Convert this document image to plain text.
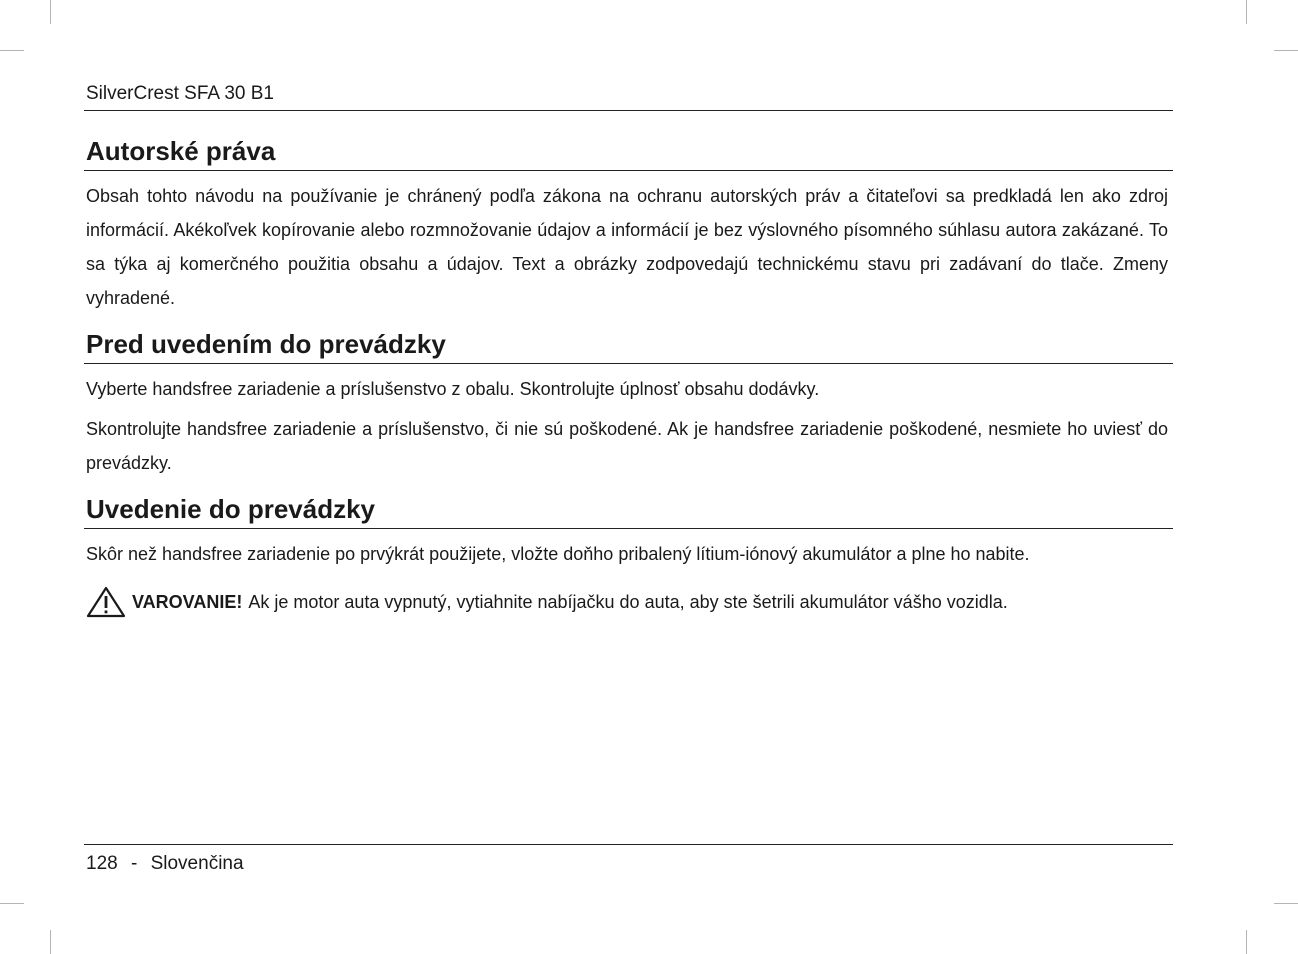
SilverCrest SFA 30 B1
Autorské práva

Obsah tohto návodu na používanie je chránený podľa zákona na ochranu autorských práv a čitateľovi sa predkladá len ako zdroj informácií. Akékoľvek kopírovanie alebo rozmnožovanie údajov a informácií je bez výslovného písomného súhlasu autora zakázané. To sa týka aj komerčného použitia obsahu a údajov. Text a obrázky zodpovedajú technickému stavu pri zadávaní do tlače. Zmeny vyhradené.

Pred uvedením do prevádzky

Vyberte handsfree zariadenie a príslušenstvo z obalu. Skontrolujte úplnosť obsahu dodávky.

Skontrolujte handsfree zariadenie a príslušenstvo, či nie sú poškodené. Ak je handsfree zariadenie poškodené, nesmiete ho uviesť do prevádzky.

Uvedenie do prevádzky

Skôr než handsfree zariadenie po prvýkrát použijete, vložte doňho pribalený lítium-iónový akumulátor a plne ho nabite.

VAROVANIE! Ak je motor auta vypnutý, vytiahnite nabíjačku do auta, aby ste šetrili akumulátor vášho vozidla.
128 - Slovenčina
